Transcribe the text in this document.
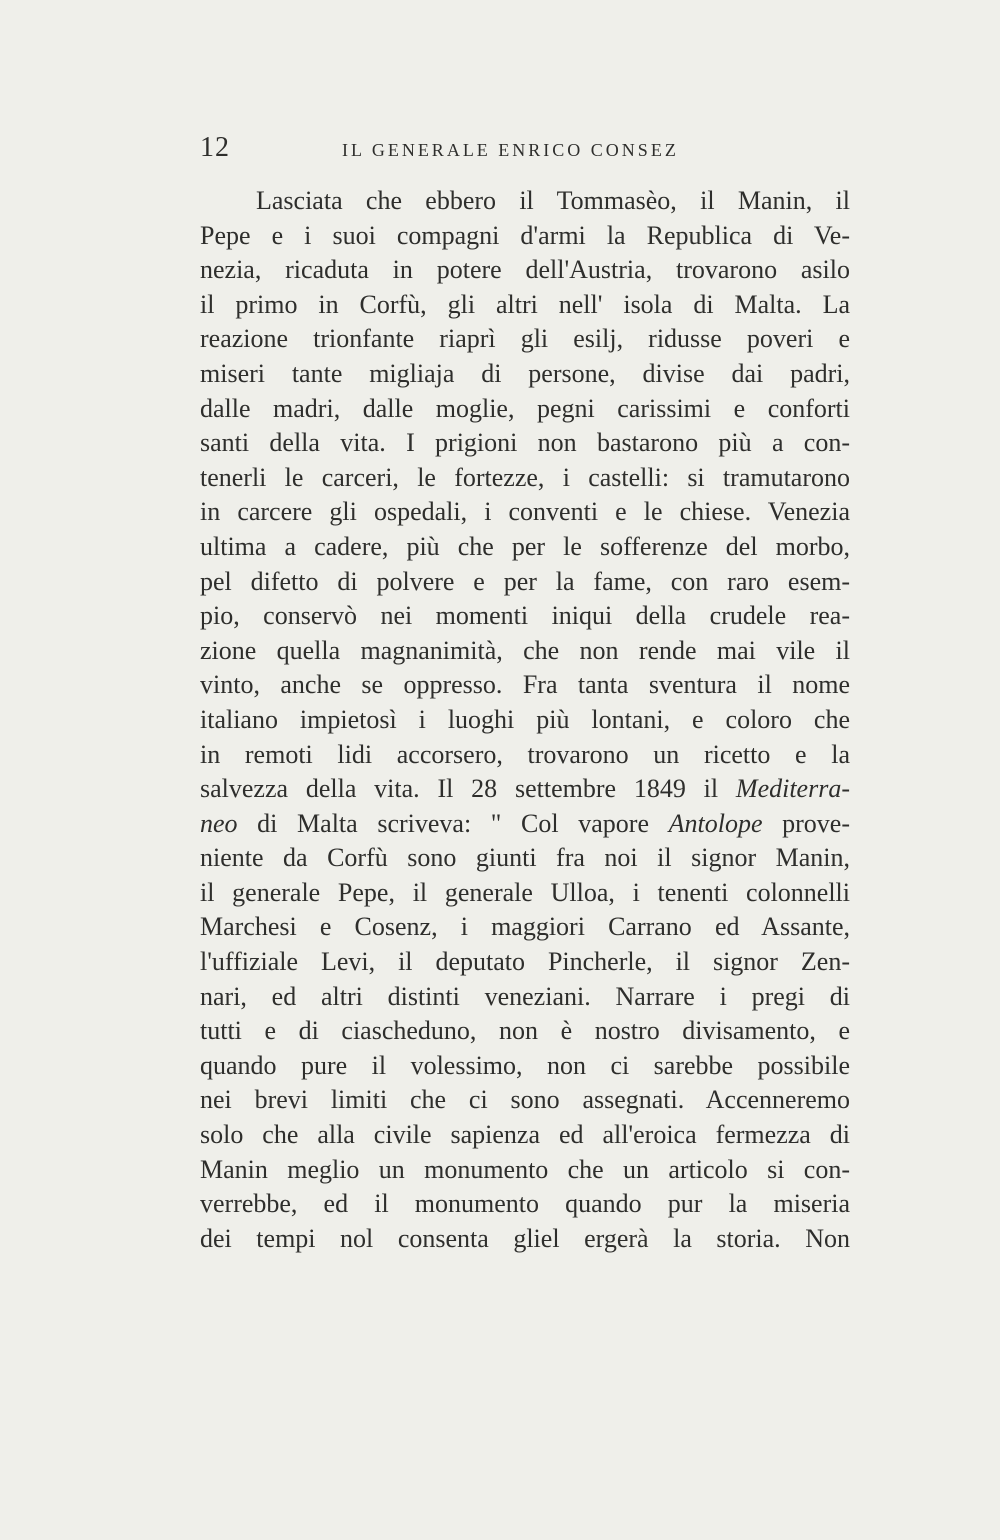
12	IL GENERALE ENRICO CONSEZ
Lasciata che ebbero il Tommasèo, il Manin, il
Pepe e i suoi compagni d'armi la Republica di Ve-
nezia, ricaduta in potere dell'Austria, trovarono asilo
il primo in Corfù, gli altri nell' isola di Malta. La
reazione trionfante riaprì gli esilj, ridusse poveri e
miseri tante migliaja di persone, divise dai padri,
dalle madri, dalle moglie, pegni carissimi e conforti
santi della vita. I prigioni non bastarono più a con-
tenerli le carceri, le fortezze, i castelli: si tramutarono
in carcere gli ospedali, i conventi e le chiese. Venezia
ultima a cadere, più che per le sofferenze del morbo,
pel difetto di polvere e per la fame, con raro esem-
pio, conservò nei momenti iniqui della crudele rea-
zione quella magnanimità, che non rende mai vile il
vinto, anche se oppresso. Fra tanta sventura il nome
italiano impietosì i luoghi più lontani, e coloro che
in remoti lidi accorsero, trovarono un ricetto e la
salvezza della vita. Il 28 settembre 1849 il Mediterra-
neo di Malta scriveva: " Col vapore Antolope prove-
niente da Corfù sono giunti fra noi il signor Manin,
il generale Pepe, il generale Ulloa, i tenenti colonnelli
Marchesi e Cosenz, i maggiori Carrano ed Assante,
l'uffiziale Levi, il deputato Pincherle, il signor Zen-
nari, ed altri distinti veneziani. Narrare i pregi di
tutti e di ciascheduno, non è nostro divisamento, e
quando pure il volessimo, non ci sarebbe possibile
nei brevi limiti che ci sono assegnati. Accenneremo
solo che alla civile sapienza ed all'eroica fermezza di
Manin meglio un monumento che un articolo si con-
verrebbe, ed il monumento quando pur la miseria
dei tempi nol consenta gliel ergerà la storia. Non
